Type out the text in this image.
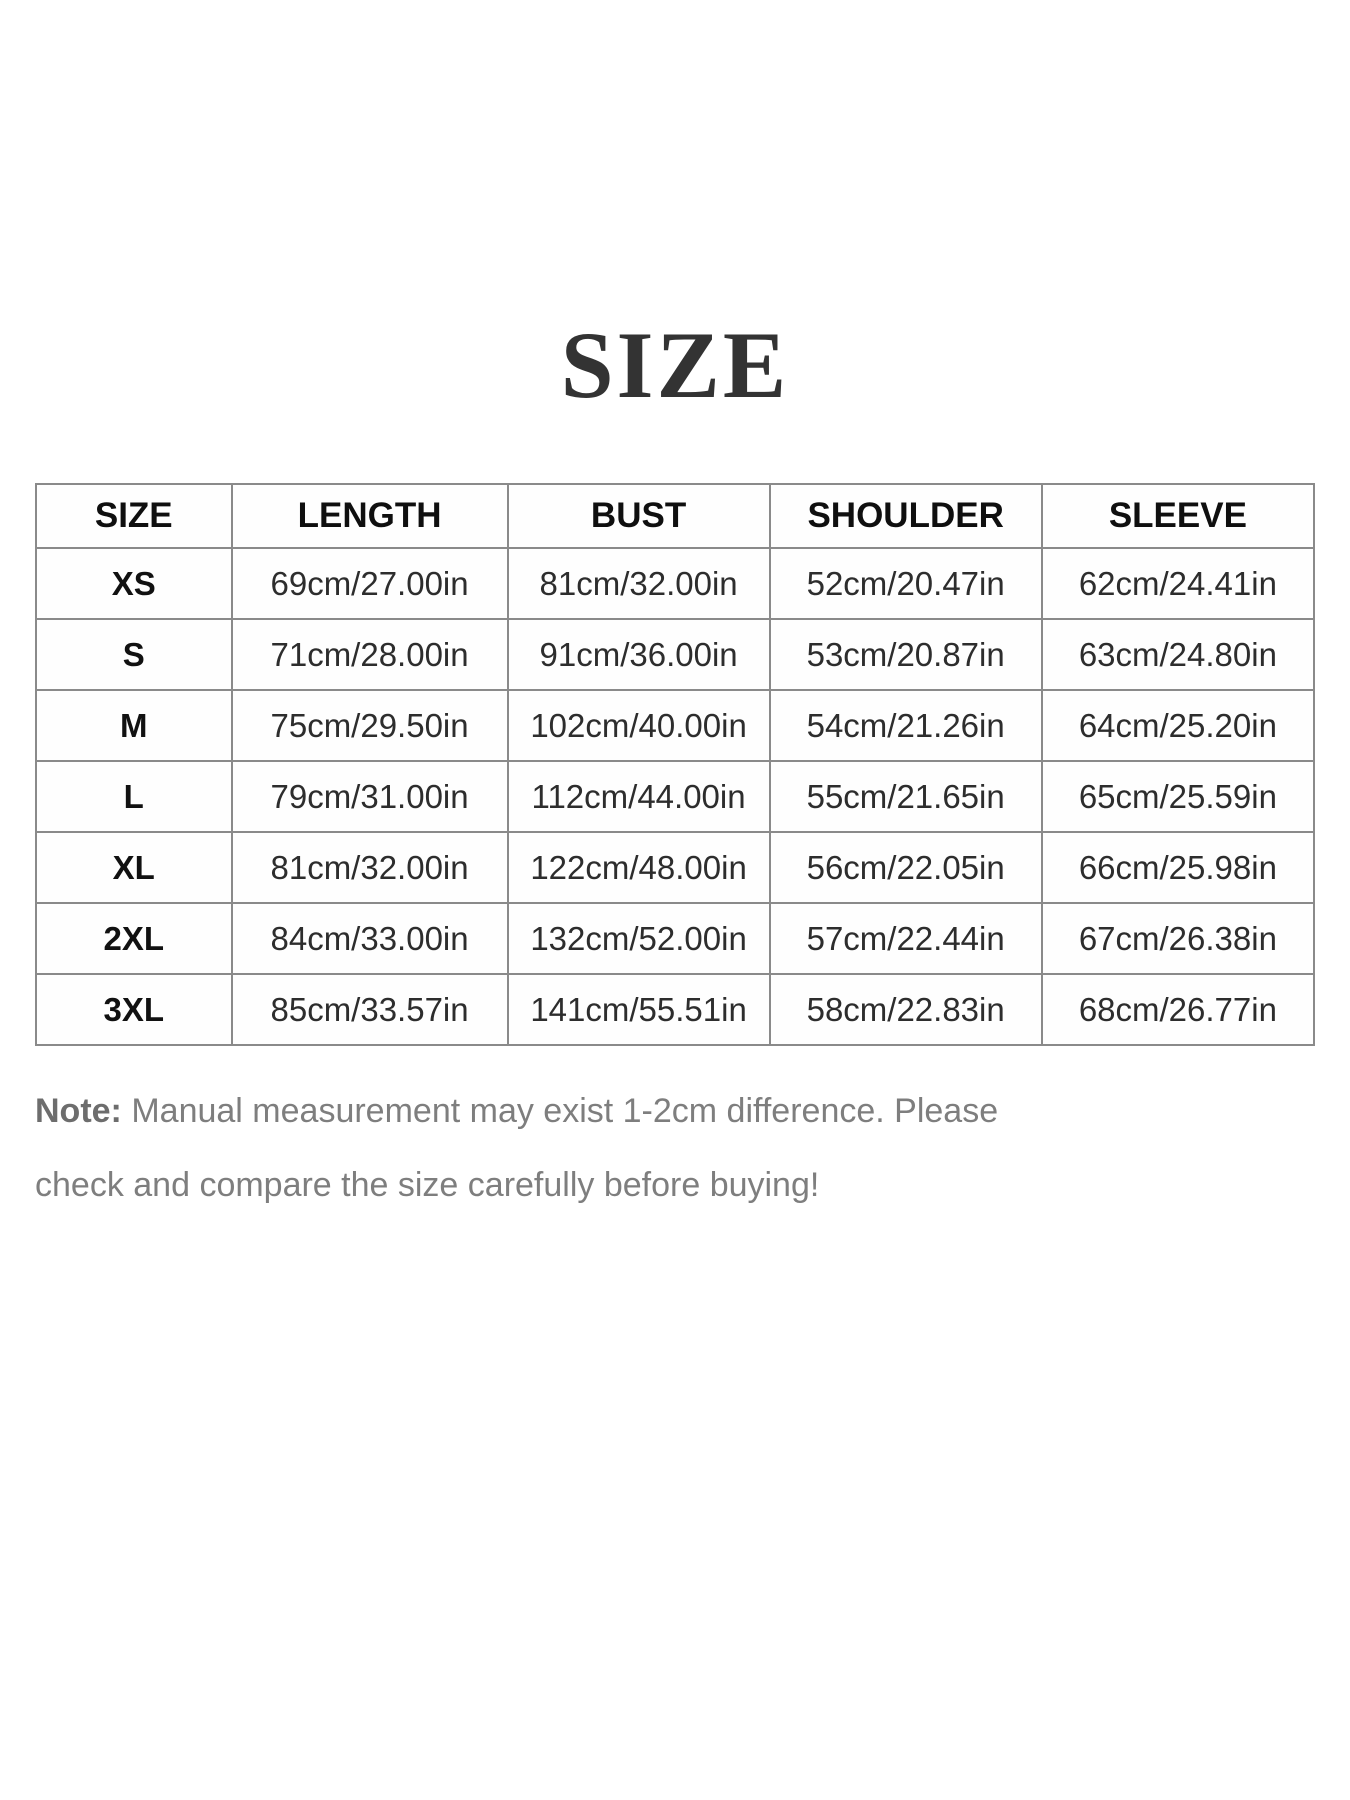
SIZE
SIZE	LENGTH	BUST	SHOULDER	SLEEVE
XS	69cm/27.00in	81cm/32.00in	52cm/20.47in	62cm/24.41in
S	71cm/28.00in	91cm/36.00in	53cm/20.87in	63cm/24.80in
M	75cm/29.50in	102cm/40.00in	54cm/21.26in	64cm/25.20in
L	79cm/31.00in	112cm/44.00in	55cm/21.65in	65cm/25.59in
XL	81cm/32.00in	122cm/48.00in	56cm/22.05in	66cm/25.98in
2XL	84cm/33.00in	132cm/52.00in	57cm/22.44in	67cm/26.38in
3XL	85cm/33.57in	141cm/55.51in	58cm/22.83in	68cm/26.77in

Note: Manual measurement may exist 1-2cm difference. Please
check and compare the size carefully before buying!
